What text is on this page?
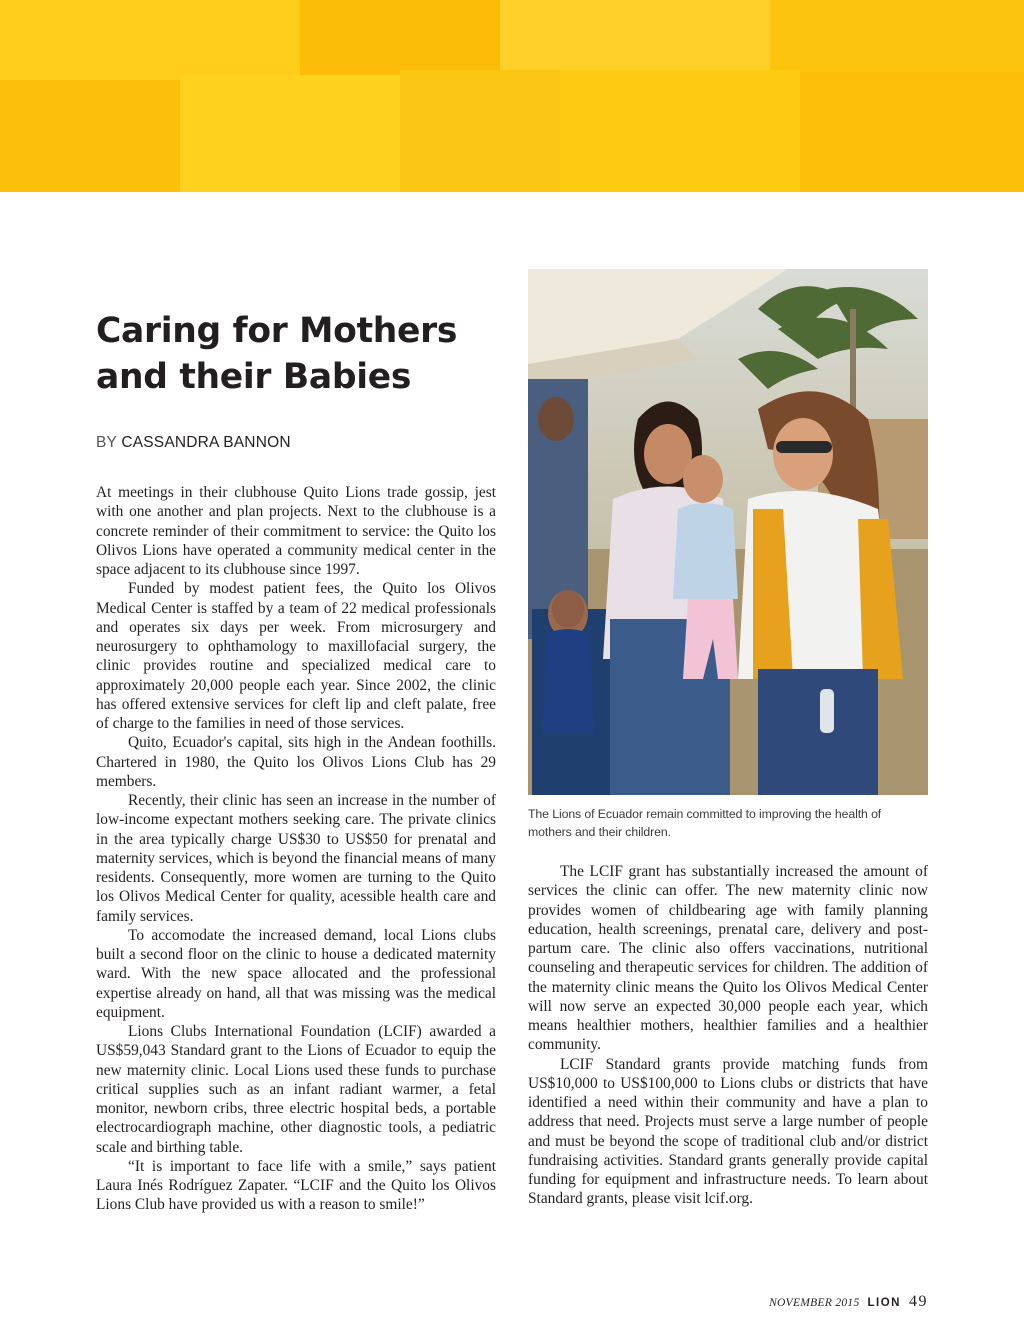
Caring for Mothers and their Babies
BY CASSANDRA BANNON

At meetings in their clubhouse Quito Lions trade gossip, jest with one another and plan projects. Next to the clubhouse is a concrete reminder of their commitment to service: the Quito los Olivos Lions have operated a community medical center in the space adjacent to its clubhouse since 1997.

Funded by modest patient fees, the Quito los Olivos Medical Center is staffed by a team of 22 medical professionals and operates six days per week. From microsurgery and neurosurgery to ophthamology to maxillofacial surgery, the clinic provides routine and specialized medical care to approximately 20,000 people each year. Since 2002, the clinic has offered extensive services for cleft lip and cleft palate, free of charge to the families in need of those services.

Quito, Ecuador's capital, sits high in the Andean foothills. Chartered in 1980, the Quito los Olivos Lions Club has 29 members.

Recently, their clinic has seen an increase in the number of low-income expectant mothers seeking care. The private clinics in the area typically charge US$30 to US$50 for prenatal and maternity services, which is beyond the financial means of many residents. Consequently, more women are turning to the Quito los Olivos Medical Center for quality, acessible health care and family services.

To accomodate the increased demand, local Lions clubs built a second floor on the clinic to house a dedicated maternity ward. With the new space allocated and the professional expertise already on hand, all that was missing was the medical equipment.

Lions Clubs International Foundation (LCIF) awarded a US$59,043 Standard grant to the Lions of Ecuador to equip the new maternity clinic. Local Lions used these funds to purchase critical supplies such as an infant radiant warmer, a fetal monitor, newborn cribs, three electric hospital beds, a portable electrocardiograph machine, other diagnostic tools, a pediatric scale and birthing table.

“It is important to face life with a smile,” says patient Laura Inés Rodríguez Zapater. “LCIF and the Quito los Olivos Lions Club have provided us with a reason to smile!”

The Lions of Ecuador remain committed to improving the health of mothers and their children.

The LCIF grant has substantially increased the amount of services the clinic can offer. The new maternity clinic now provides women of childbearing age with family planning education, health screenings, prenatal care, delivery and post-partum care. The clinic also offers vaccinations, nutritional counseling and therapeutic services for children. The addition of the maternity clinic means the Quito los Olivos Medical Center will now serve an expected 30,000 people each year, which means healthier mothers, healthier families and a healthier community.

LCIF Standard grants provide matching funds from US$10,000 to US$100,000 to Lions clubs or districts that have identified a need within their community and have a plan to address that need. Projects must serve a large number of people and must be beyond the scope of traditional club and/or district fundraising activities. Standard grants generally provide capital funding for equipment and infrastructure needs. To learn about Standard grants, please visit lcif.org.

NOVEMBER 2015 LION 49
